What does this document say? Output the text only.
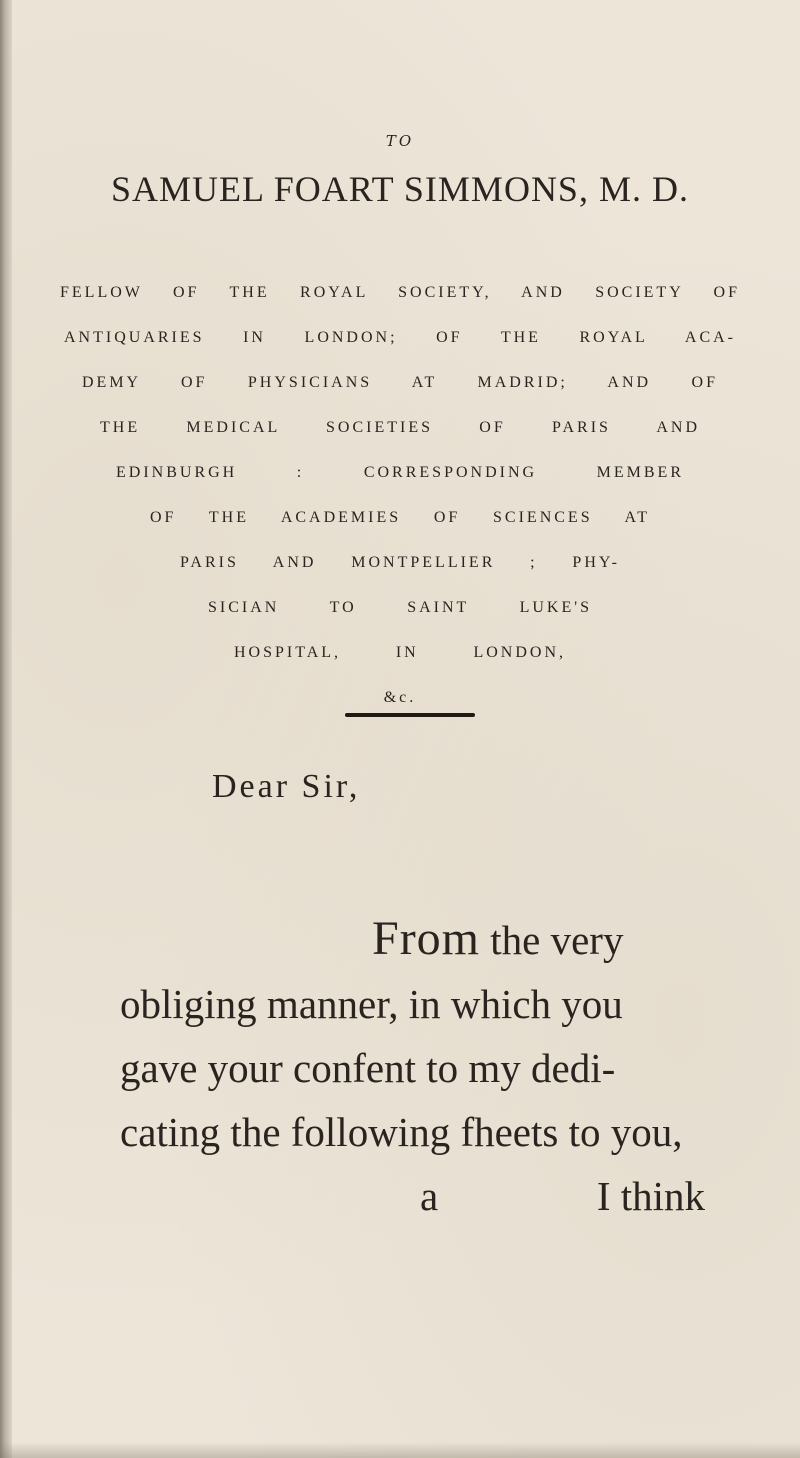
TO
SAMUEL FOART SIMMONS, M. D.
FELLOW OF THE ROYAL SOCIETY, AND SOCIETY OF
ANTIQUARIES IN LONDON; OF THE ROYAL ACA-
DEMY OF PHYSICIANS AT MADRID; AND OF
THE MEDICAL SOCIETIES OF PARIS AND
EDINBURGH : CORRESPONDING MEMBER
OF THE ACADEMIES OF SCIENCES AT
PARIS AND MONTPELLIER ; PHY-
SICIAN TO SAINT LUKE'S
HOSPITAL, IN LONDON,
&c.
Dear Sir,
From the very
obliging manner, in which you
gave your confent to my dedi-
cating the following fheets to you,
a	I think
